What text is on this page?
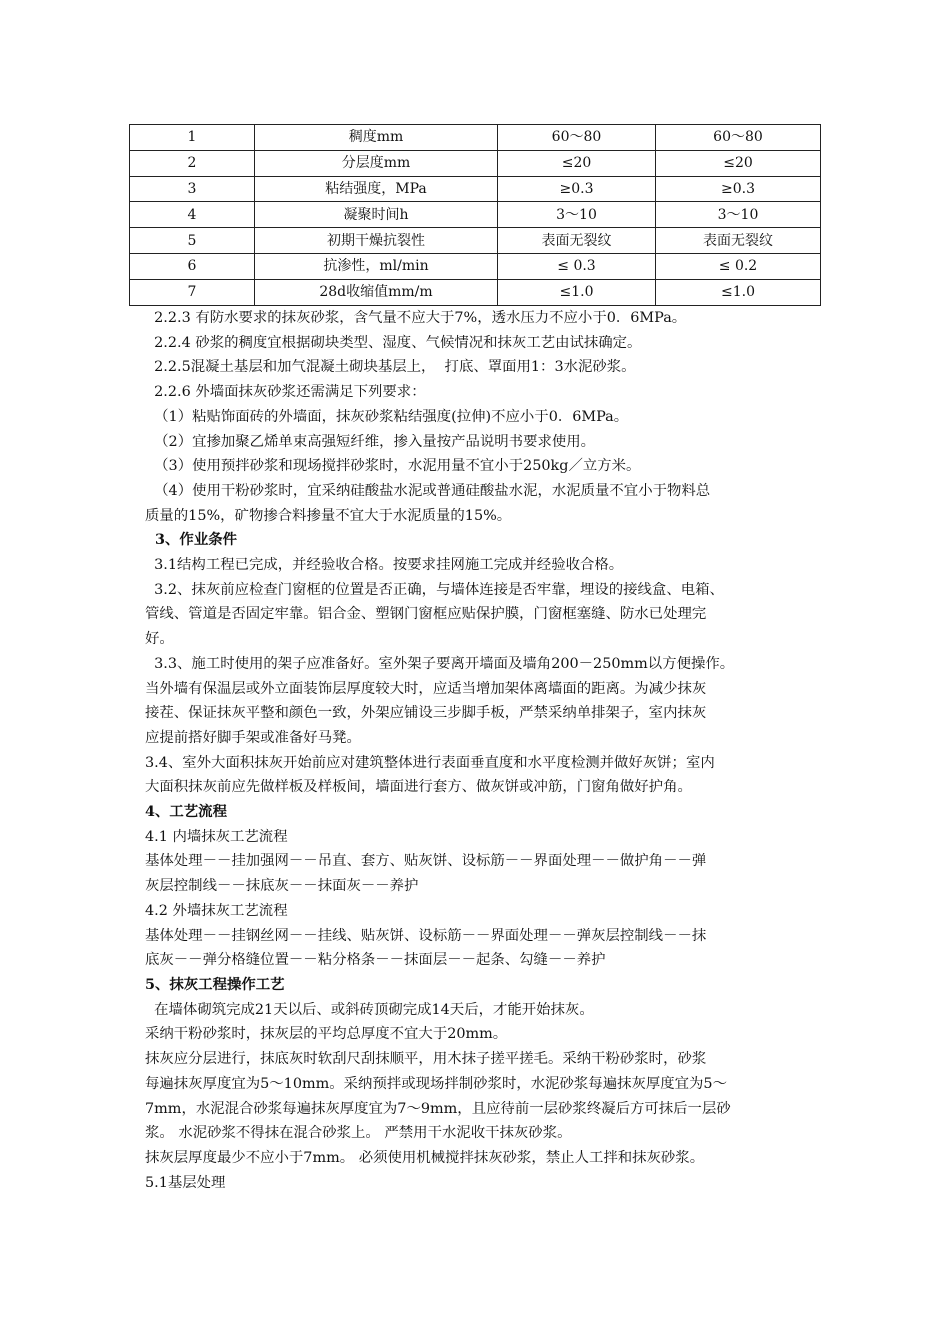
1	稠度mm	60～80	60～80
2	分层度mm	≤20	≤20
3	粘结强度，MPa	≥0.3	≥0.3
4	凝聚时间h	3～10	3～10
5	初期干燥抗裂性	表面无裂纹	表面无裂纹
6	抗渗性，ml/min	≤ 0.3	≤ 0.2
7	28d收缩值mm/m	≤1.0	≤1.0
2.2.3 有防水要求的抹灰砂浆，含气量不应大于7%，透水压力不应小于0．6MPa。
2.2.4 砂浆的稠度宜根据砌块类型、湿度、气候情况和抹灰工艺由试抹确定。
2.2.5混凝土基层和加气混凝土砌块基层上，  打底、罩面用1：3水泥砂浆。
2.2.6 外墙面抹灰砂浆还需满足下列要求：
（1）粘贴饰面砖的外墙面，抹灰砂浆粘结强度(拉伸)不应小于0．6MPa。
（2）宜掺加聚乙烯单束高强短纤维，掺入量按产品说明书要求使用。
（3）使用预拌砂浆和现场搅拌砂浆时，水泥用量不宜小于250kg／立方米。
（4）使用干粉砂浆时，宜采纳硅酸盐水泥或普通硅酸盐水泥，水泥质量不宜小于物料总
质量的15%，矿物掺合料掺量不宜大于水泥质量的15%。
3、作业条件
3.1结构工程已完成，并经验收合格。按要求挂网施工完成并经验收合格。
3.2、抹灰前应检查门窗框的位置是否正确，与墙体连接是否牢靠，埋设的接线盒、电箱、
管线、管道是否固定牢靠。铝合金、塑钢门窗框应贴保护膜，门窗框塞缝、防水已处理完
好。
3.3、施工时使用的架子应准备好。室外架子要离开墙面及墙角200－250mm以方便操作。
当外墙有保温层或外立面装饰层厚度较大时，应适当增加架体离墙面的距离。为减少抹灰
接茬、保证抹灰平整和颜色一致，外架应铺设三步脚手板，严禁采纳单排架子，室内抹灰
应提前搭好脚手架或准备好马凳。
3.4、室外大面积抹灰开始前应对建筑整体进行表面垂直度和水平度检测并做好灰饼；室内
大面积抹灰前应先做样板及样板间，墙面进行套方、做灰饼或冲筋，门窗角做好护角。
4、工艺流程
4.1 内墙抹灰工艺流程
基体处理－－挂加强网－－吊直、套方、贴灰饼、设标筋－－界面处理－－做护角－－弹
灰层控制线－－抹底灰－－抹面灰－－养护
4.2 外墙抹灰工艺流程
基体处理－－挂钢丝网－－挂线、贴灰饼、设标筋－－界面处理－－弹灰层控制线－－抹
底灰－－弹分格缝位置－－粘分格条－－抹面层－－起条、勾缝－－养护
5、抹灰工程操作工艺
在墙体砌筑完成21天以后、或斜砖顶砌完成14天后，才能开始抹灰。
采纳干粉砂浆时，抹灰层的平均总厚度不宜大于20mm。
抹灰应分层进行，抹底灰时软刮尺刮抹顺平，用木抹子搓平搓毛。采纳干粉砂浆时，砂浆
每遍抹灰厚度宜为5～10mm。采纳预拌或现场拌制砂浆时，水泥砂浆每遍抹灰厚度宜为5～
7mm，水泥混合砂浆每遍抹灰厚度宜为7～9mm，且应待前一层砂浆终凝后方可抹后一层砂
浆。 水泥砂浆不得抹在混合砂浆上。 严禁用干水泥收干抹灰砂浆。
抹灰层厚度最少不应小于7mm。 必须使用机械搅拌抹灰砂浆，禁止人工拌和抹灰砂浆。
5.1基层处理
